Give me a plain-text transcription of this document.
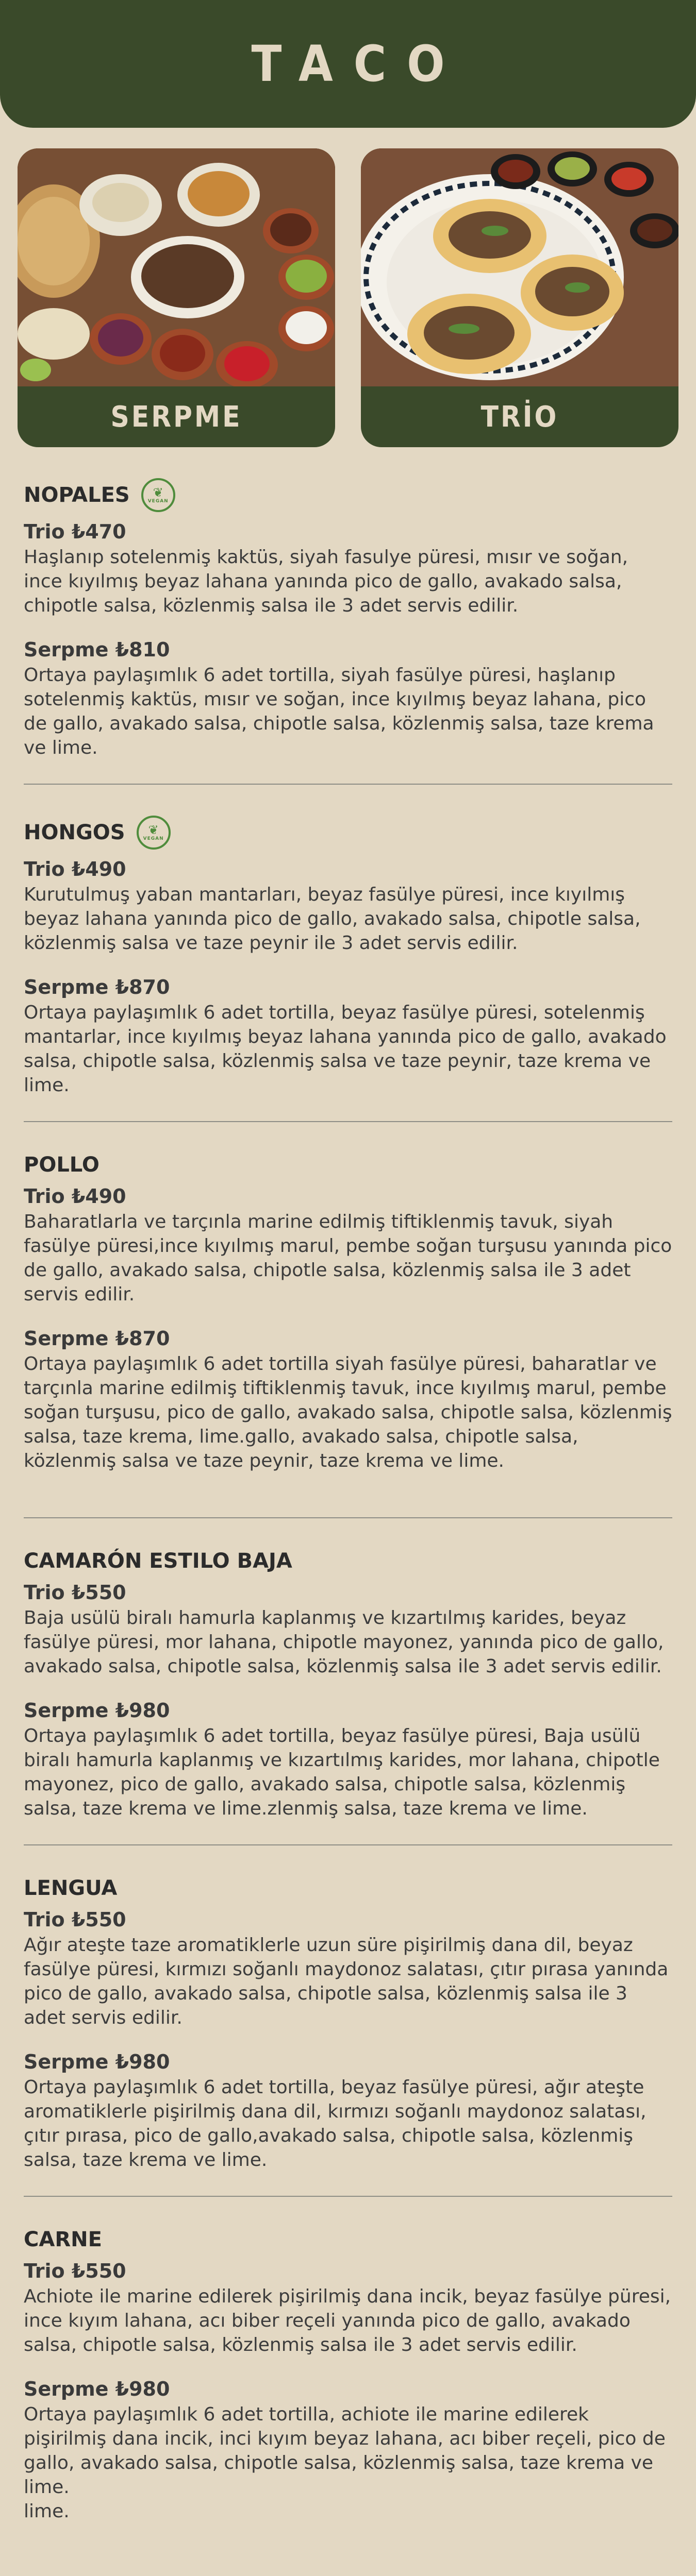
TACO
SERPME	TRİO
NOPALES ❦
VEGAN
Trio ₺470
Haşlanıp sotelenmiş kaktüs, siyah fasulye püresi, mısır ve soğan, ince kıyılmış beyaz lahana yanında pico de gallo, avakado salsa, chipotle salsa, közlenmiş salsa ile 3 adet servis edilir.
Serpme ₺810
Ortaya paylaşımlık 6 adet tortilla, siyah fasülye püresi, haşlanıp sotelenmiş kaktüs, mısır ve soğan, ince kıyılmış beyaz lahana, pico de gallo, avakado salsa, chipotle salsa, közlenmiş salsa, taze krema ve lime.
HONGOS ❦
VEGAN
Trio ₺490
Kurutulmuş yaban mantarları, beyaz fasülye püresi, ince kıyılmış beyaz lahana yanında pico de gallo, avakado salsa, chipotle salsa, közlenmiş salsa ve taze peynir ile 3 adet servis edilir.
Serpme ₺870
Ortaya paylaşımlık 6 adet tortilla, beyaz fasülye püresi, sotelenmiş mantarlar, ince kıyılmış beyaz lahana yanında pico de gallo, avakado salsa, chipotle salsa, közlenmiş salsa ve taze peynir, taze krema ve lime.
POLLO
Trio ₺490
Baharatlarla ve tarçınla marine edilmiş tiftiklenmiş tavuk, siyah fasülye püresi,ince kıyılmış marul, pembe soğan turşusu yanında pico de gallo, avakado salsa, chipotle salsa, közlenmiş salsa ile 3 adet servis edilir.
Serpme ₺870
Ortaya paylaşımlık 6 adet tortilla siyah fasülye püresi, baharatlar ve tarçınla marine edilmiş tiftiklenmiş tavuk, ince kıyılmış marul, pembe soğan turşusu, pico de gallo, avakado salsa, chipotle salsa, közlenmiş salsa, taze krema, lime.gallo, avakado salsa, chipotle salsa, közlenmiş salsa ve taze peynir, taze krema ve lime.
CAMARÓN ESTILO BAJA
Trio ₺550
Baja usülü biralı hamurla kaplanmış ve kızartılmış karides, beyaz fasülye püresi, mor lahana, chipotle mayonez, yanında pico de gallo, avakado salsa, chipotle salsa, közlenmiş salsa ile 3 adet servis edilir.
Serpme ₺980
Ortaya paylaşımlık 6 adet tortilla, beyaz fasülye püresi, Baja usülü biralı hamurla kaplanmış ve kızartılmış karides, mor lahana, chipotle mayonez, pico de gallo, avakado salsa, chipotle salsa, közlenmiş salsa, taze krema ve lime.zlenmiş salsa, taze krema ve lime.
LENGUA
Trio ₺550
Ağır ateşte taze aromatiklerle uzun süre pişirilmiş dana dil, beyaz fasülye püresi, kırmızı soğanlı maydonoz salatası, çıtır pırasa yanında pico de gallo, avakado salsa, chipotle salsa, közlenmiş salsa ile 3 adet servis edilir.
Serpme ₺980
Ortaya paylaşımlık 6 adet tortilla, beyaz fasülye püresi, ağır ateşte aromatiklerle pişirilmiş dana dil, kırmızı soğanlı maydonoz salatası, çıtır pırasa, pico de gallo,avakado salsa, chipotle salsa, közlenmiş salsa, taze krema ve lime.
CARNE
Trio ₺550
Achiote ile marine edilerek pişirilmiş dana incik, beyaz fasülye püresi, ince kıyım lahana, acı biber reçeli yanında pico de gallo, avakado salsa, chipotle salsa, közlenmiş salsa ile 3 adet servis edilir.
Serpme ₺980
Ortaya paylaşımlık 6 adet tortilla, achiote ile marine edilerek pişirilmiş dana incik, inci kıyım beyaz lahana, acı biber reçeli, pico de gallo, avakado salsa, chipotle salsa, közlenmiş salsa, taze krema ve lime.
lime.
